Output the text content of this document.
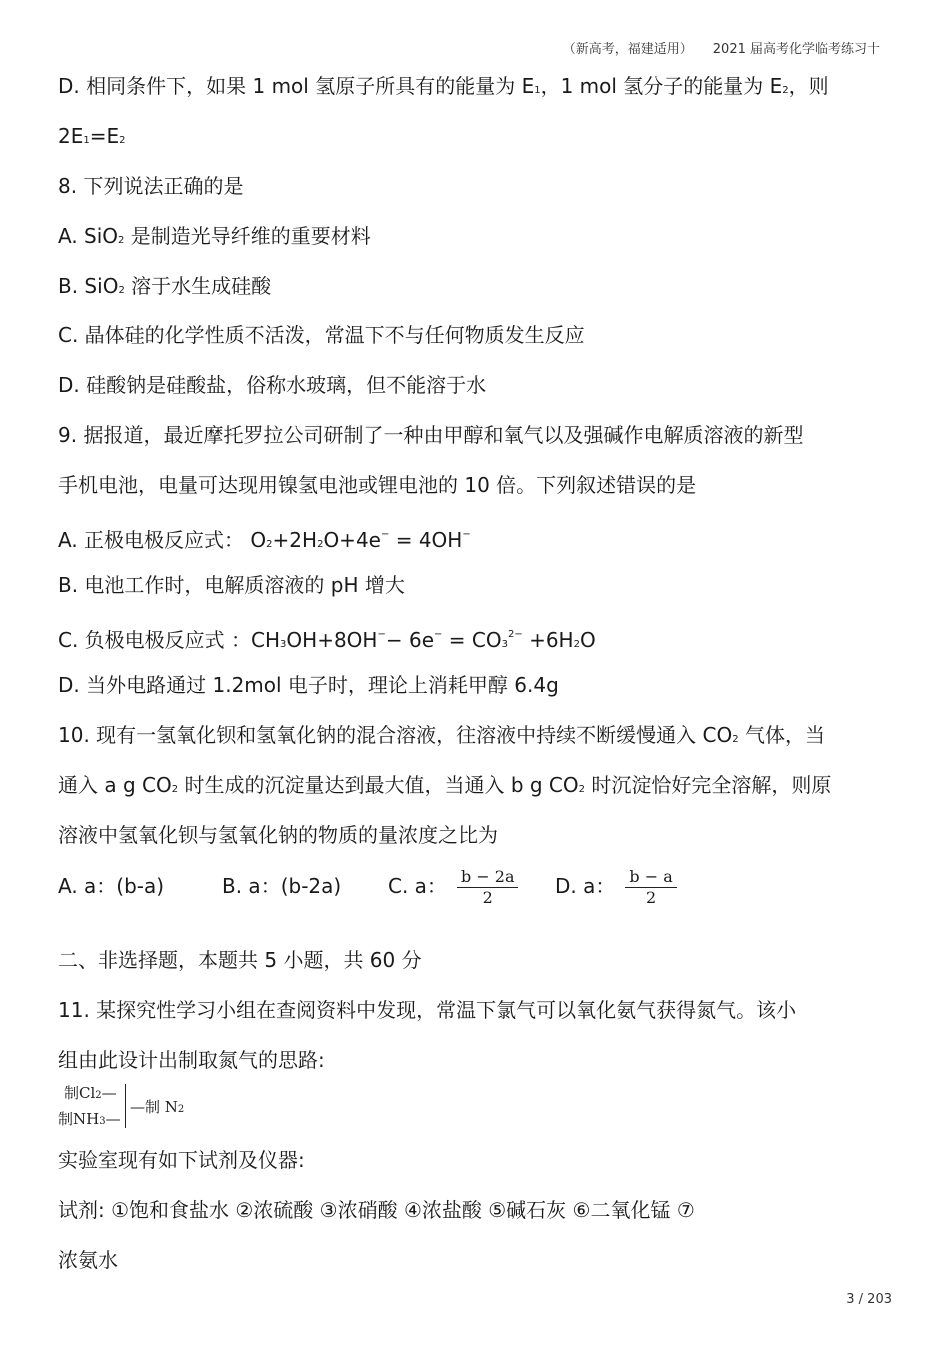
（新高考，福建适用） 2021 届高考化学临考练习十
D. 相同条件下，如果 1 mol 氢原子所具有的能量为 E1，1 mol 氢分子的能量为 E2，则
2E1=E2
8. 下列说法正确的是
A. SiO2 是制造光导纤维的重要材料
B. SiO2 溶于水生成硅酸
C. 晶体硅的化学性质不活泼，常温下不与任何物质发生反应
D. 硅酸钠是硅酸盐，俗称水玻璃，但不能溶于水
9. 据报道，最近摩托罗拉公司研制了一种由甲醇和氧气以及强碱作电解质溶液的新型
手机电池，电量可达现用镍氢电池或锂电池的 10 倍。下列叙述错误的是
A. 正极电极反应式： O2+2H2O+4e− = 4OH−
B. 电池工作时，电解质溶液的 pH 增大
C. 负极电极反应式 ：$CH3OH+8OH^-- 6e^- = CO3^{2-} +6H2O$
D. 当外电路通过 1.2mol 电子时，理论上消耗甲醇 6.4g
10. 现有一氢氧化钡和氢氧化钠的混合溶液，往溶液中持续不断缓慢通入 CO2 气体，当
通入 a g CO2 时生成的沉淀量达到最大值，当通入 b g CO2 时沉淀恰好完全溶解，则原
溶液中氢氧化钡与氢氧化钠的物质的量浓度之比为
A. a：(b-a)	B. a：(b-2a) C. a： $\frac{b - 2a}{2} D$. a： $\frac{b - a}{2}$
二、非选择题，本题共 5 小题，共 60 分
11. 某探究性学习小组在查阅资料中发现，常温下氯气可以氧化氨气获得氮气。该小
组由此设计出制取氮气的思路:
制Cl2—
制NH3—
—制 N2
实验室现有如下试剂及仪器:
试剂: ①饱和食盐水 ②浓硫酸 ③浓硝酸 ④浓盐酸 ⑤碱石灰 ⑥二氧化锰 ⑦
浓氨水
3 / 203
